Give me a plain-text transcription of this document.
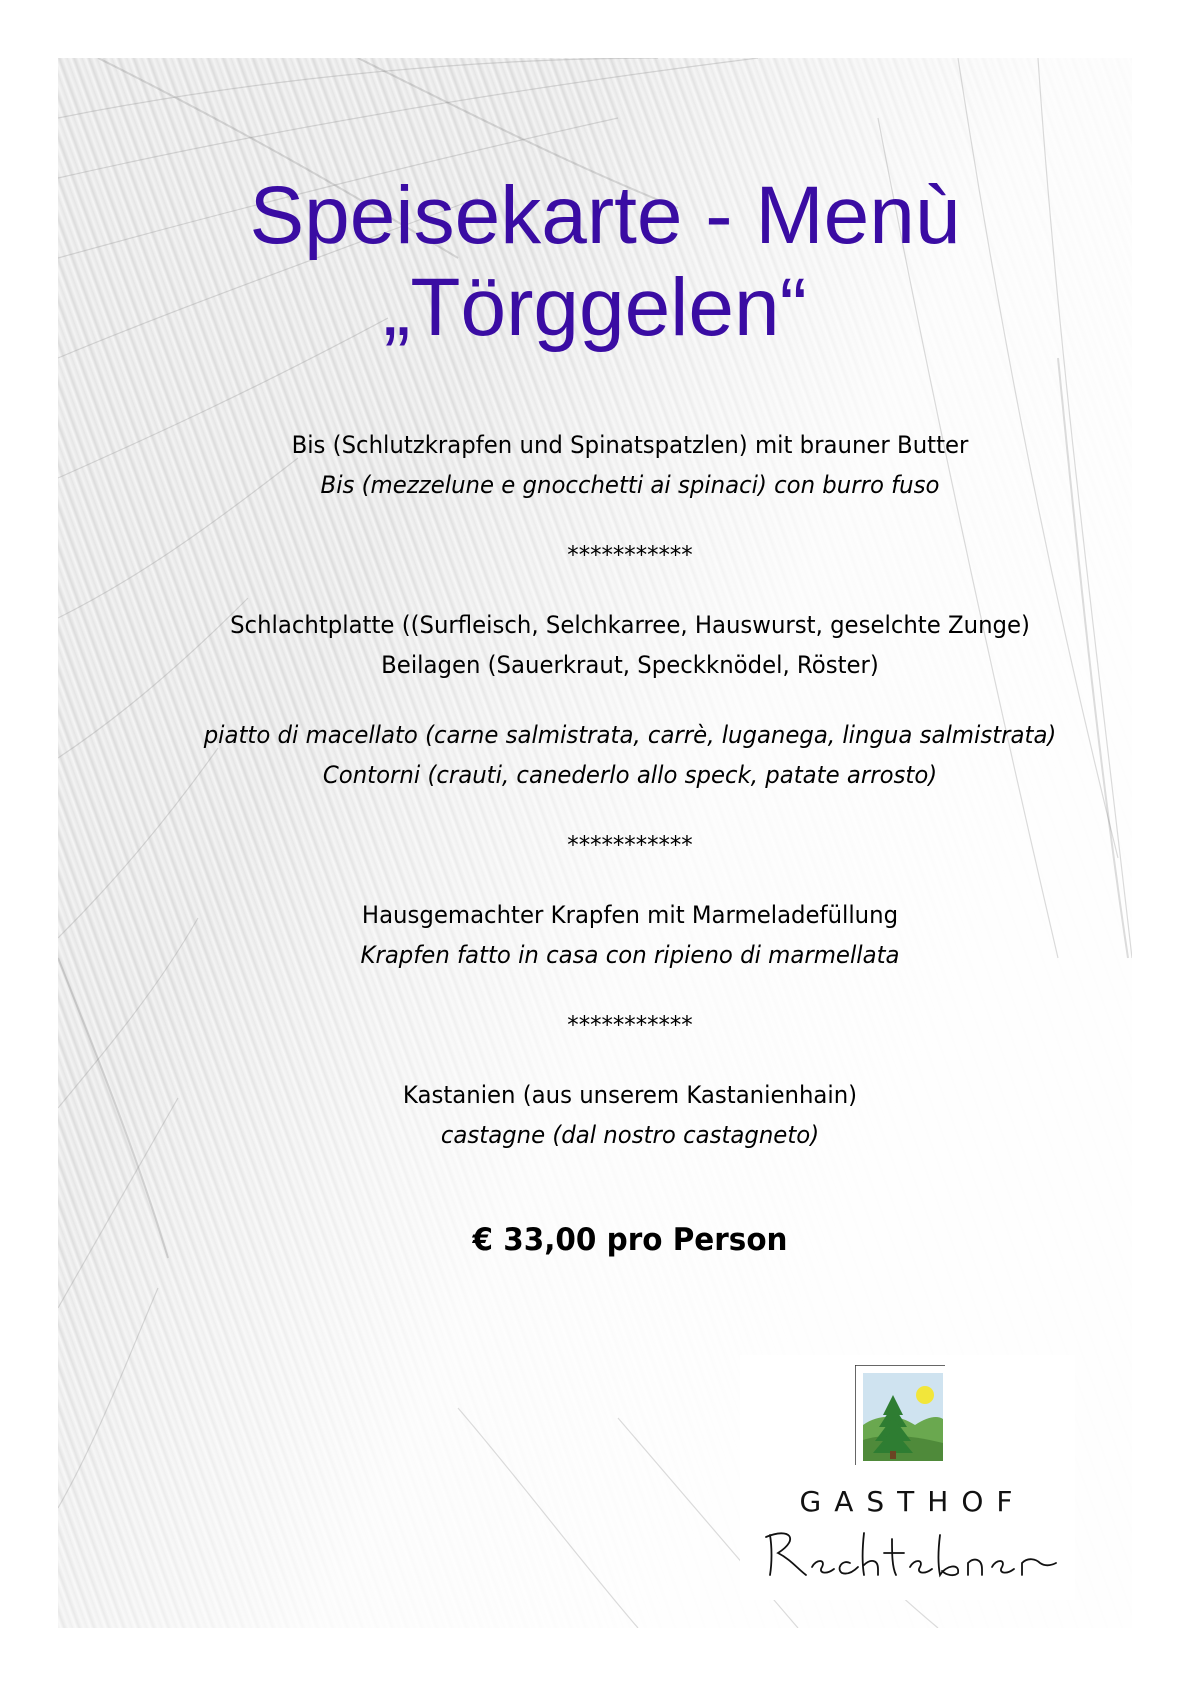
Speisekarte - Menù
„Törggelen“
Bis (Schlutzkrapfen und Spinatspatzlen) mit brauner Butter
Bis (mezzelune e gnocchetti ai spinaci) con burro fuso
***********
Schlachtplatte ((Surfleisch, Selchkarree, Hauswurst, geselchte Zunge)
Beilagen (Sauerkraut, Speckknödel, Röster)
piatto di macellato (carne salmistrata, carrè, luganega, lingua salmistrata)
Contorni (crauti, canederlo allo speck, patate arrosto)
***********
Hausgemachter Krapfen mit Marmeladefüllung
Krapfen fatto in casa con ripieno di marmellata
***********
Kastanien (aus unserem Kastanienhain)
castagne (dal nostro castagneto)
€ 33,00 pro Person
GASTHOF
